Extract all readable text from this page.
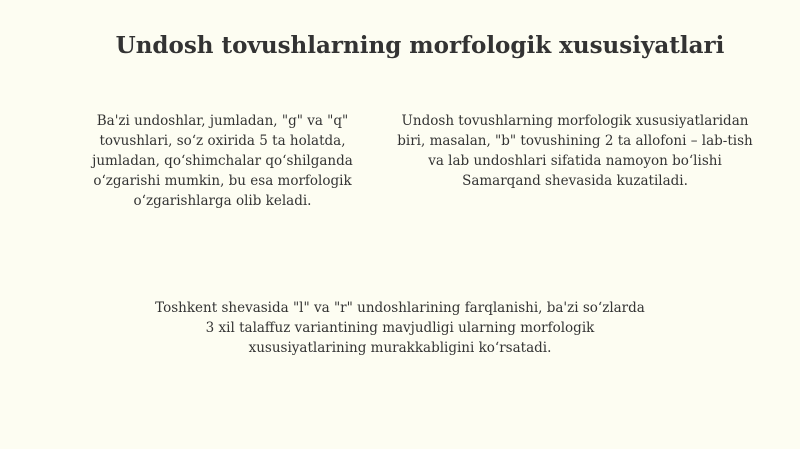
Undosh tovushlarning morfologik xususiyatlari

Ba'zi undoshlar, jumladan, "g" va "q" tovushlari, so‘z oxirida 5 ta holatda, jumladan, qo‘shimchalar qo‘shilganda o‘zgarishi mumkin, bu esa morfologik o‘zgarishlarga olib keladi.

Undosh tovushlarning morfologik xususiyatlaridan biri, masalan, "b" tovushining 2 ta allofoni – lab-tish va lab undoshlari sifatida namoyon bo‘lishi Samarqand shevasida kuzatiladi.

Toshkent shevasida "l" va "r" undoshlarining farqlanishi, ba'zi so‘zlarda 3 xil talaffuz variantining mavjudligi ularning morfologik xususiyatlarining murakkabligini ko‘rsatadi.
